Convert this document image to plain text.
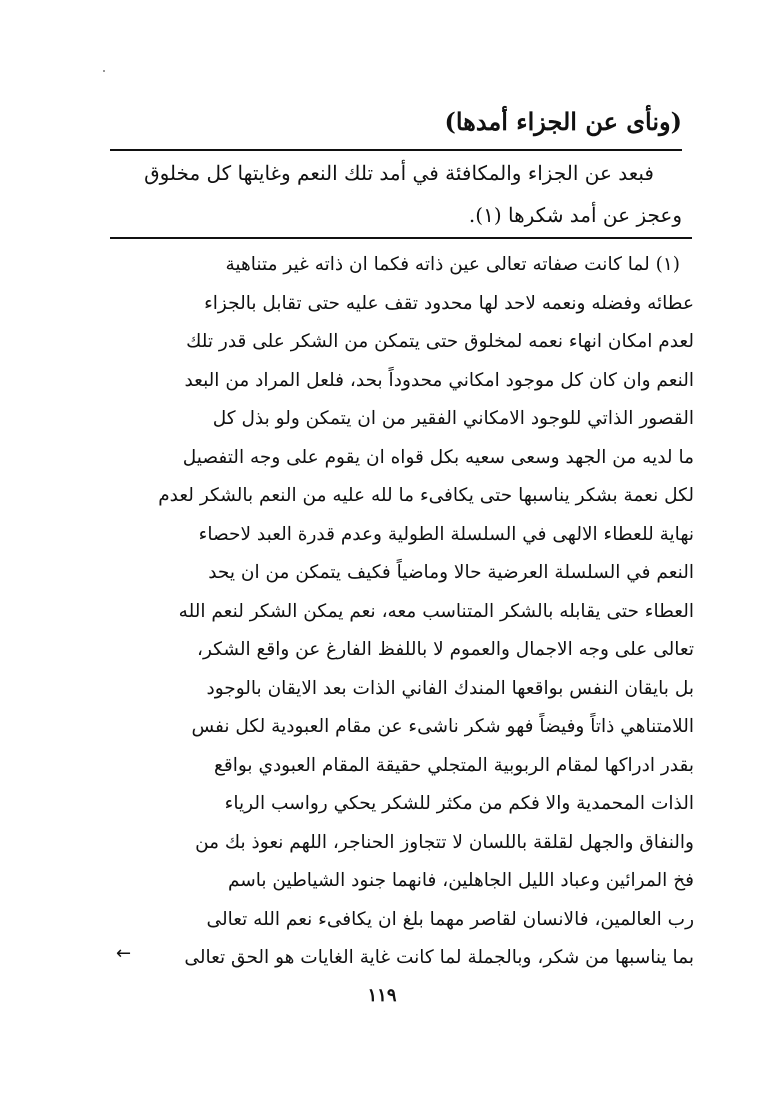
(ونأى عن الجزاء أمدها)
فبعد عن الجزاء والمكافئة في أمد تلك النعم وغايتها كل مخلوق
وعجز عن أمد شكرها (١).
(١) لما كانت صفاته تعالى عين ذاته فكما ان ذاته غير متناهية
عطائه وفضله ونعمه لاحد لها محدود تقف عليه حتى تقابل بالجزاء
لعدم امكان انهاء نعمه لمخلوق حتى يتمكن من الشكر على قدر تلك
النعم وان كان كل موجود امكاني محدوداً بحد، فلعل المراد من البعد
القصور الذاتي للوجود الامكاني الفقير من ان يتمكن ولو بذل كل
ما لديه من الجهد وسعى سعيه بكل قواه ان يقوم على وجه التفصيل
لكل نعمة بشكر يناسبها حتى يكافىء ما لله عليه من النعم بالشكر لعدم
نهاية للعطاء الالهى في السلسلة الطولية وعدم قدرة العبد لاحصاء
النعم في السلسلة العرضية حالا وماضياً فكيف يتمكن من ان يحد
العطاء حتى يقابله بالشكر المتناسب معه، نعم يمكن الشكر لنعم الله
تعالى على وجه الاجمال والعموم لا باللفظ الفارغ عن واقع الشكر،
بل بايقان النفس بواقعها المندك الفاني الذات بعد الايقان بالوجود
اللامتناهي ذاتاً وفيضاً فهو شكر ناشىء عن مقام العبودية لكل نفس
بقدر ادراكها لمقام الربوبية المتجلي حقيقة المقام العبودي بواقع
الذات المحمدية والا فكم من مكثر للشكر يحكي رواسب الرياء
والنفاق والجهل لقلقة باللسان لا تتجاوز الحناجر، اللهم نعوذ بك من
فخ المرائين وعباد الليل الجاهلين، فانهما جنود الشياطين باسم
رب العالمين، فالانسان لقاصر مهما بلغ ان يكافىء نعم الله تعالى
بما يناسبها من شكر، وبالجملة لما كانت غاية الغايات هو الحق تعالى
←
١١٩
